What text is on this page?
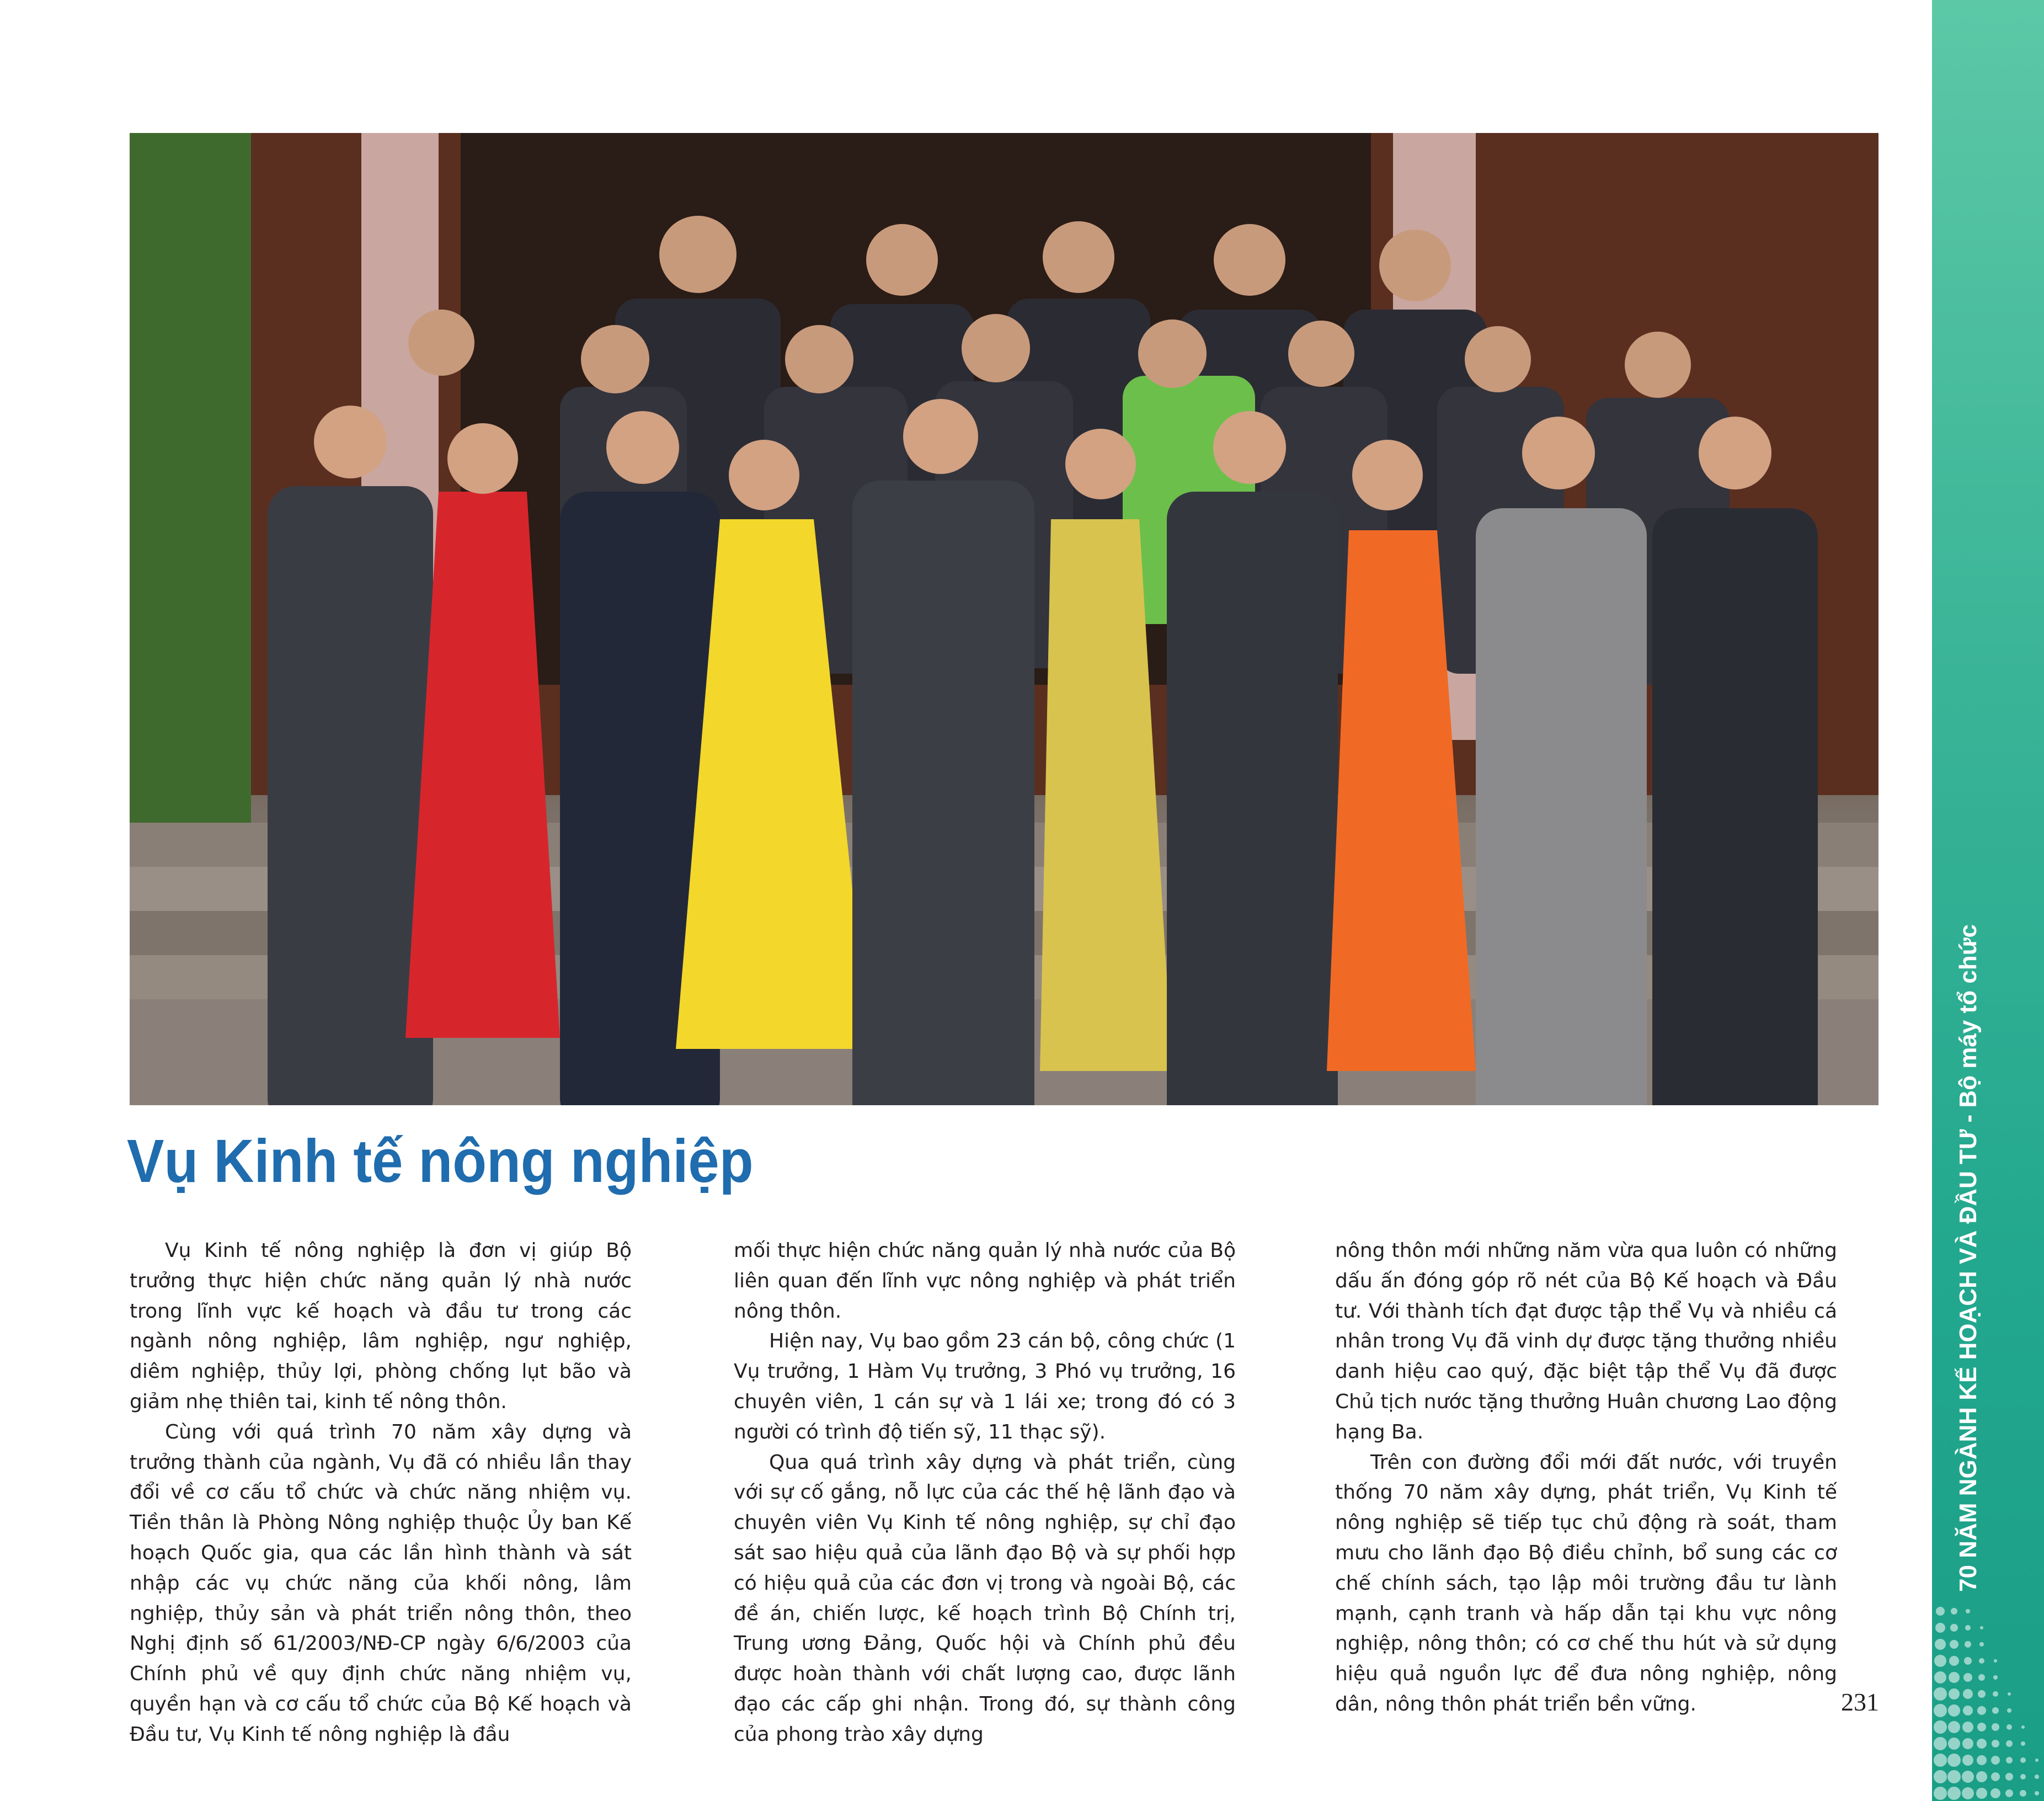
Vụ Kinh tế nông nghiệp

Vụ Kinh tế nông nghiệp là đơn vị giúp Bộ trưởng thực hiện chức năng quản lý nhà nước trong lĩnh vực kế hoạch và đầu tư trong các ngành nông nghiệp, lâm nghiệp, ngư nghiệp, diêm nghiệp, thủy lợi, phòng chống lụt bão và giảm nhẹ thiên tai, kinh tế nông thôn.

Cùng với quá trình 70 năm xây dựng và trưởng thành của ngành, Vụ đã có nhiều lần thay đổi về cơ cấu tổ chức và chức năng nhiệm vụ. Tiền thân là Phòng Nông nghiệp thuộc Ủy ban Kế hoạch Quốc gia, qua các lần hình thành và sát nhập các vụ chức năng của khối nông, lâm nghiệp, thủy sản và phát triển nông thôn, theo Nghị định số 61/2003/NĐ-CP ngày 6/6/2003 của Chính phủ về quy định chức năng nhiệm vụ, quyền hạn và cơ cấu tổ chức của Bộ Kế hoạch và Đầu tư, Vụ Kinh tế nông nghiệp là đầu

mối thực hiện chức năng quản lý nhà nước của Bộ liên quan đến lĩnh vực nông nghiệp và phát triển nông thôn.

Hiện nay, Vụ bao gồm 23 cán bộ, công chức (1 Vụ trưởng, 1 Hàm Vụ trưởng, 3 Phó vụ trưởng, 16 chuyên viên, 1 cán sự và 1 lái xe; trong đó có 3 người có trình độ tiến sỹ, 11 thạc sỹ).

Qua quá trình xây dựng và phát triển, cùng với sự cố gắng, nỗ lực của các thế hệ lãnh đạo và chuyên viên Vụ Kinh tế nông nghiệp, sự chỉ đạo sát sao hiệu quả của lãnh đạo Bộ và sự phối hợp có hiệu quả của các đơn vị trong và ngoài Bộ, các đề án, chiến lược, kế hoạch trình Bộ Chính trị, Trung ương Đảng, Quốc hội và Chính phủ đều được hoàn thành với chất lượng cao, được lãnh đạo các cấp ghi nhận. Trong đó, sự thành công của phong trào xây dựng

nông thôn mới những năm vừa qua luôn có những dấu ấn đóng góp rõ nét của Bộ Kế hoạch và Đầu tư. Với thành tích đạt được tập thể Vụ và nhiều cá nhân trong Vụ đã vinh dự được tặng thưởng nhiều danh hiệu cao quý, đặc biệt tập thể Vụ đã được Chủ tịch nước tặng thưởng Huân chương Lao động hạng Ba.

Trên con đường đổi mới đất nước, với truyền thống 70 năm xây dựng, phát triển, Vụ Kinh tế nông nghiệp sẽ tiếp tục chủ động rà soát, tham mưu cho lãnh đạo Bộ điều chỉnh, bổ sung các cơ chế chính sách, tạo lập môi trường đầu tư lành mạnh, cạnh tranh và hấp dẫn tại khu vực nông nghiệp, nông thôn; có cơ chế thu hút và sử dụng hiệu quả nguồn lực để đưa nông nghiệp, nông dân, nông thôn phát triển bền vững.	231
70 NĂM NGÀNH KẾ HOẠCH VÀ ĐẦU TƯ - Bộ máy tổ chức
